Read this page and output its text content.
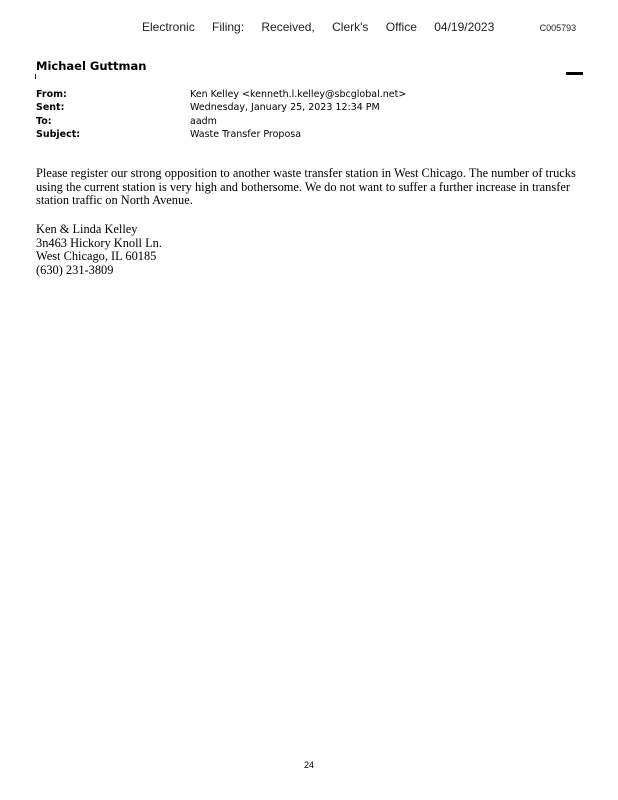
Electronic Filing: Received, Clerk's Office 04/19/2023	C005793
Michael Guttman
From:	Ken Kelley <kenneth.l.kelley@sbcglobal.net>
Sent:	Wednesday, January 25, 2023 12:34 PM
To:	aadm
Subject:	Waste Transfer Proposa

Please register our strong opposition to another waste transfer station in West Chicago. The number of trucks using the current station is very high and bothersome. We do not want to suffer a further increase in transfer station traffic on North Avenue.

Ken & Linda Kelley
3n463 Hickory Knoll Ln.
West Chicago, IL 60185
(630) 231-3809
24
